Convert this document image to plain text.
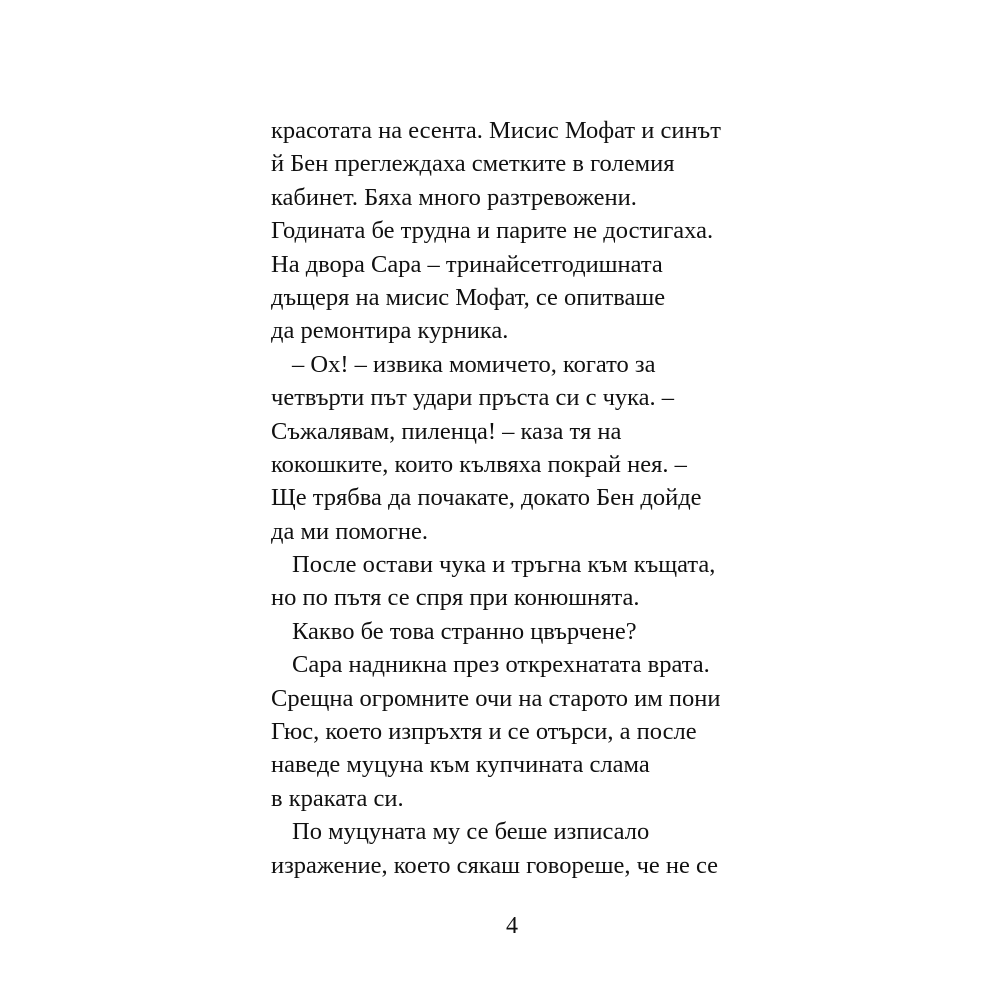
красотата на есента. Мисис Мофат и синът
й Бен преглеждаха сметките в големия
кабинет. Бяха много разтревожени.
Годината бе трудна и парите не достигаха.
На двора Сара – тринайсетгодишната
дъщеря на мисис Мофат, се опитваше
да ремонтира курника.
– Ох! – извика момичето, когато за
четвърти път удари пръста си с чука. –
Съжалявам, пиленца! – каза тя на
кокошките, които кълвяха покрай нея. –
Ще трябва да почакате, докато Бен дойде
да ми помогне.
После остави чука и тръгна към къщата,
но по пътя се спря при конюшнята.
Какво бе това странно цвърчене?
Сара надникна през открехнатата врата.
Срещна огромните очи на старото им пони
Гюс, което изпръхтя и се отърси, а после
наведе муцуна към купчината слама
в краката си.
По муцуната му се беше изписало
изражение, което сякаш говореше, че не се
4
